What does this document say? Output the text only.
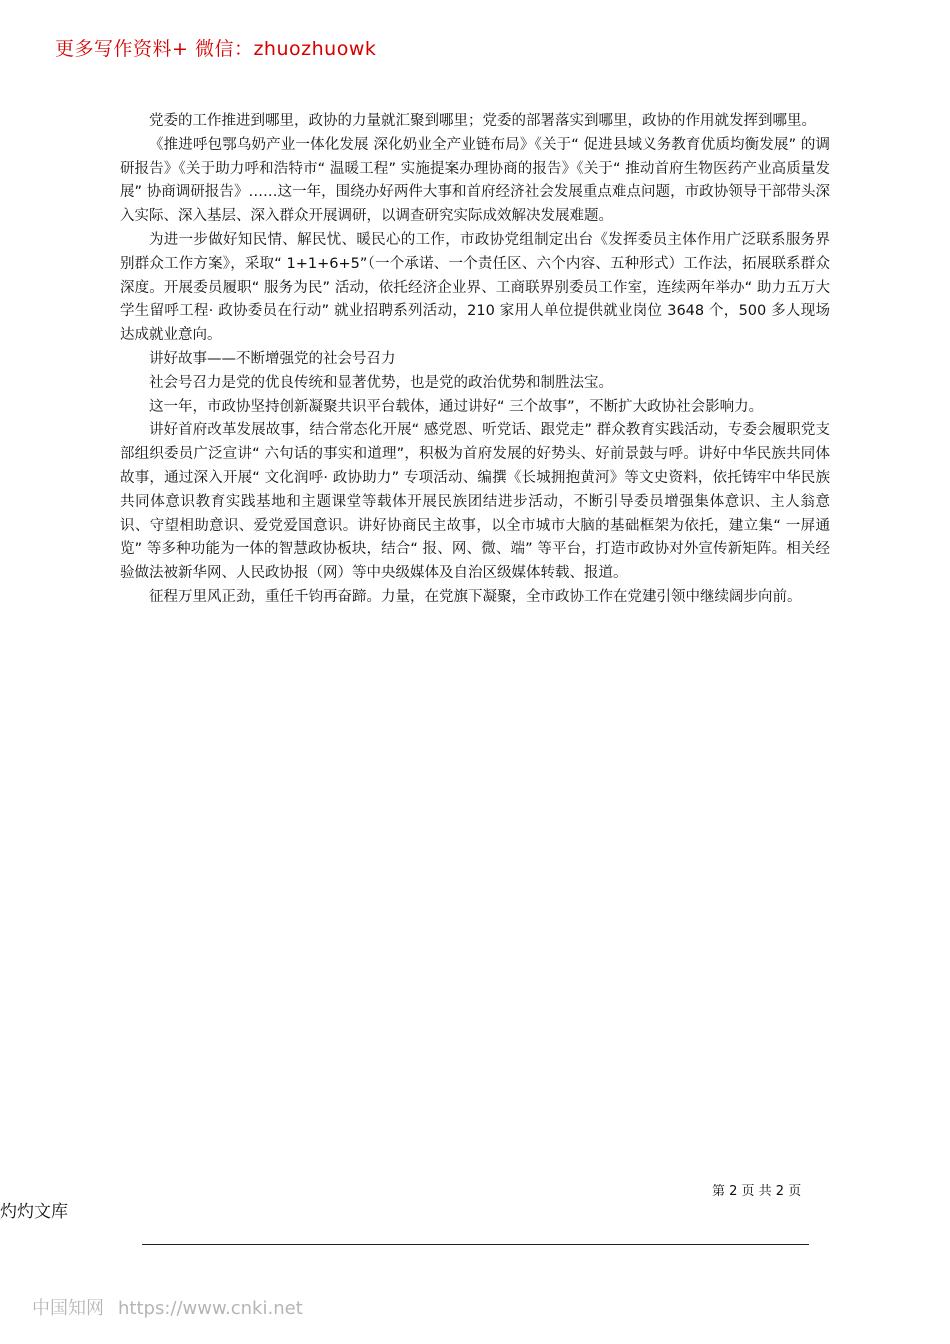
更多写作资料+ 微信：zhuozhuowk

党委的工作推进到哪里，政协的力量就汇聚到哪里；党委的部署落实到哪里，政协的作用就发挥到哪里。

《推进呼包鄂乌奶产业一体化发展 深化奶业全产业链布局》《关于“ 促进县域义务教育优质均衡发展” 的调研报告》《关于助力呼和浩特市“ 温暖工程” 实施提案办理协商的报告》《关于“ 推动首府生物医药产业高质量发展” 协商调研报告》……这一年，围绕办好两件大事和首府经济社会发展重点难点问题，市政协领导干部带头深入实际、深入基层、深入群众开展调研，以调查研究实际成效解决发展难题。

为进一步做好知民情、解民忧、暖民心的工作，市政协党组制定出台《发挥委员主体作用广泛联系服务界别群众工作方案》，采取“ 1+1+6+5”（一个承诺、一个责任区、六个内容、五种形式）工作法，拓展联系群众深度。开展委员履职“ 服务为民” 活动，依托经济企业界、工商联界别委员工作室，连续两年举办“ 助力五万大学生留呼工程· 政协委员在行动” 就业招聘系列活动，210 家用人单位提供就业岗位 3648 个，500 多人现场达成就业意向。

讲好故事——不断增强党的社会号召力

社会号召力是党的优良传统和显著优势，也是党的政治优势和制胜法宝。

这一年，市政协坚持创新凝聚共识平台载体，通过讲好“ 三个故事”，不断扩大政协社会影响力。

讲好首府改革发展故事，结合常态化开展“ 感党恩、听党话、跟党走” 群众教育实践活动，专委会履职党支部组织委员广泛宣讲“ 六句话的事实和道理”，积极为首府发展的好势头、好前景鼓与呼。讲好中华民族共同体故事，通过深入开展“ 文化润呼· 政协助力” 专项活动、编撰《长城拥抱黄河》等文史资料，依托铸牢中华民族共同体意识教育实践基地和主题课堂等载体开展民族团结进步活动，不断引导委员增强集体意识、主人翁意识、守望相助意识、爱党爱国意识。讲好协商民主故事，以全市城市大脑的基础框架为依托，建立集“ 一屏通览” 等多种功能为一体的智慧政协板块，结合“ 报、网、微、端” 等平台，打造市政协对外宣传新矩阵。相关经验做法被新华网、人民政协报（网）等中央级媒体及自治区级媒体转载、报道。

征程万里风正劲，重任千钧再奋蹄。力量，在党旗下凝聚，全市政协工作在党建引领中继续阔步向前。

第 2 页 共 2 页
灼灼文库
中国知网 https://www.cnki.net
